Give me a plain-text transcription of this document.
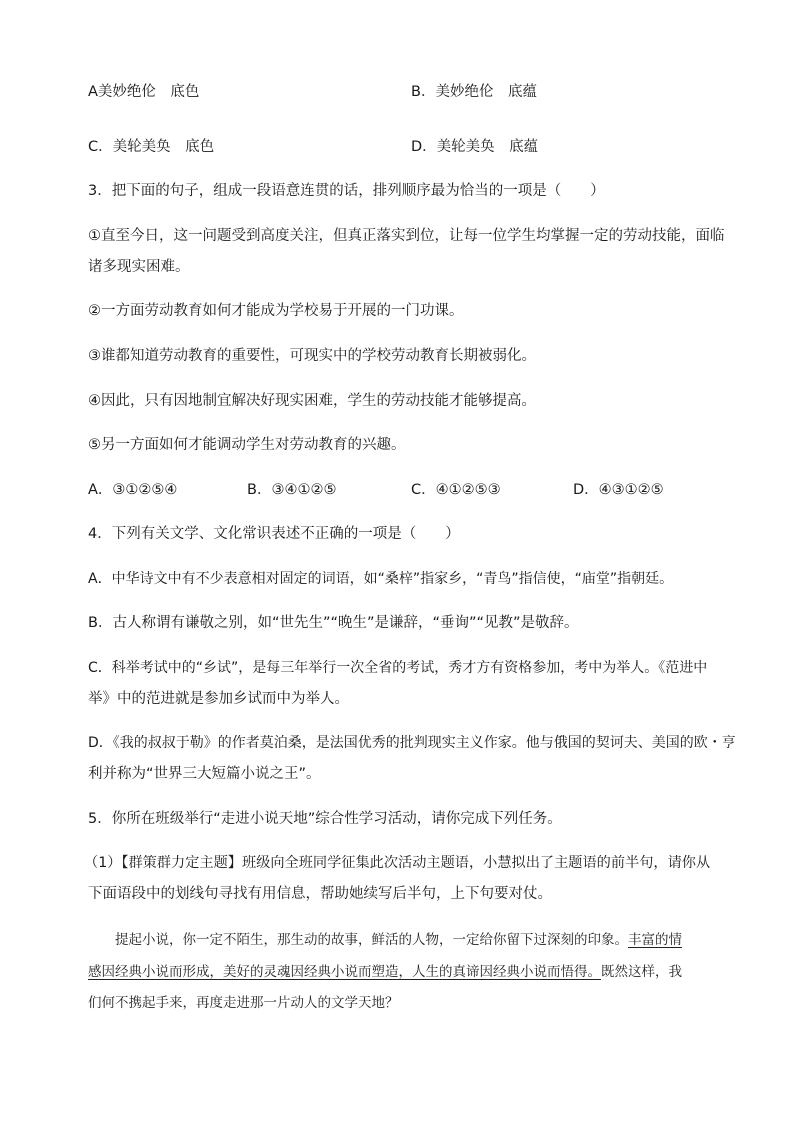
A美妙绝伦　底色	B．美妙绝伦　底蕴
C．美轮美奂　底色	D．美轮美奂　底蕴
3．把下面的句子，组成一段语意连贯的话，排列顺序最为恰当的一项是（　　）
①直至今日，这一问题受到高度关注，但真正落实到位，让每一位学生均掌握一定的劳动技能，面临
诸多现实困难。
②一方面劳动教育如何才能成为学校易于开展的一门功课。
③谁都知道劳动教育的重要性，可现实中的学校劳动教育长期被弱化。
④因此，只有因地制宜解决好现实困难，学生的劳动技能才能够提高。
⑤另一方面如何才能调动学生对劳动教育的兴趣。
A．③①②⑤④	B．③④①②⑤	C．④①②⑤③	D．④③①②⑤
4．下列有关文学、文化常识表述不正确的一项是（　　）
A．中华诗文中有不少表意相对固定的词语，如“桑梓”指家乡，“青鸟”指信使，“庙堂”指朝廷。
B．古人称谓有谦敬之别，如“世先生”“晚生”是谦辞，“垂询”“见教”是敬辞。
C．科举考试中的“乡试”，是每三年举行一次全省的考试，秀才方有资格参加，考中为举人。《范进中
举》中的范进就是参加乡试而中为举人。
D．《我的叔叔于勒》的作者莫泊桑，是法国优秀的批判现实主义作家。他与俄国的契诃夫、美国的欧・亨
利并称为“世界三大短篇小说之王”。
5．你所在班级举行“走进小说天地”综合性学习活动，请你完成下列任务。
（1）【群策群力定主题】班级向全班同学征集此次活动主题语，小慧拟出了主题语的前半句，请你从
下面语段中的划线句寻找有用信息，帮助她续写后半句，上下句要对仗。
提起小说，你一定不陌生，那生动的故事，鲜活的人物，一定给你留下过深刻的印象。丰富的情
感因经典小说而形成，美好的灵魂因经典小说而塑造，人生的真谛因经典小说而悟得。既然这样，我
们何不携起手来，再度走进那一片动人的文学天地？
